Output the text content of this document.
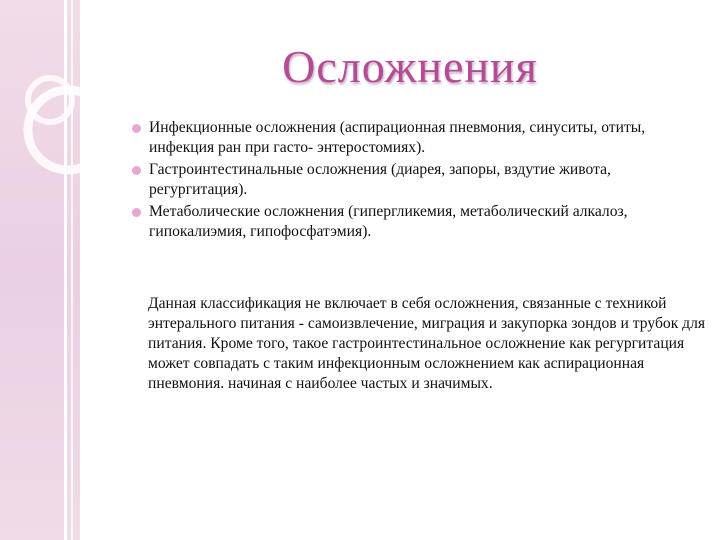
Осложнения
Инфекционные осложнения (аспирационная пневмония, синуситы, отиты, инфекция ран при гасто- энтеростомиях).
Гастроинтестинальные осложнения (диарея, запоры, вздутие живота, регургитация).
Метаболические осложнения (гипергликемия, метаболический алкалоз, гипокалиэмия, гипофосфатэмия).
Данная классификация не включает в себя осложнения, связанные с техникой энтерального питания - самоизвлечение, миграция и закупорка зондов и трубок для питания. Кроме того, такое гастроинтестинальное осложнение как регургитация может совпадать с таким инфекционным осложнением как аспирационная пневмония. начиная с наиболее частых и значимых.
